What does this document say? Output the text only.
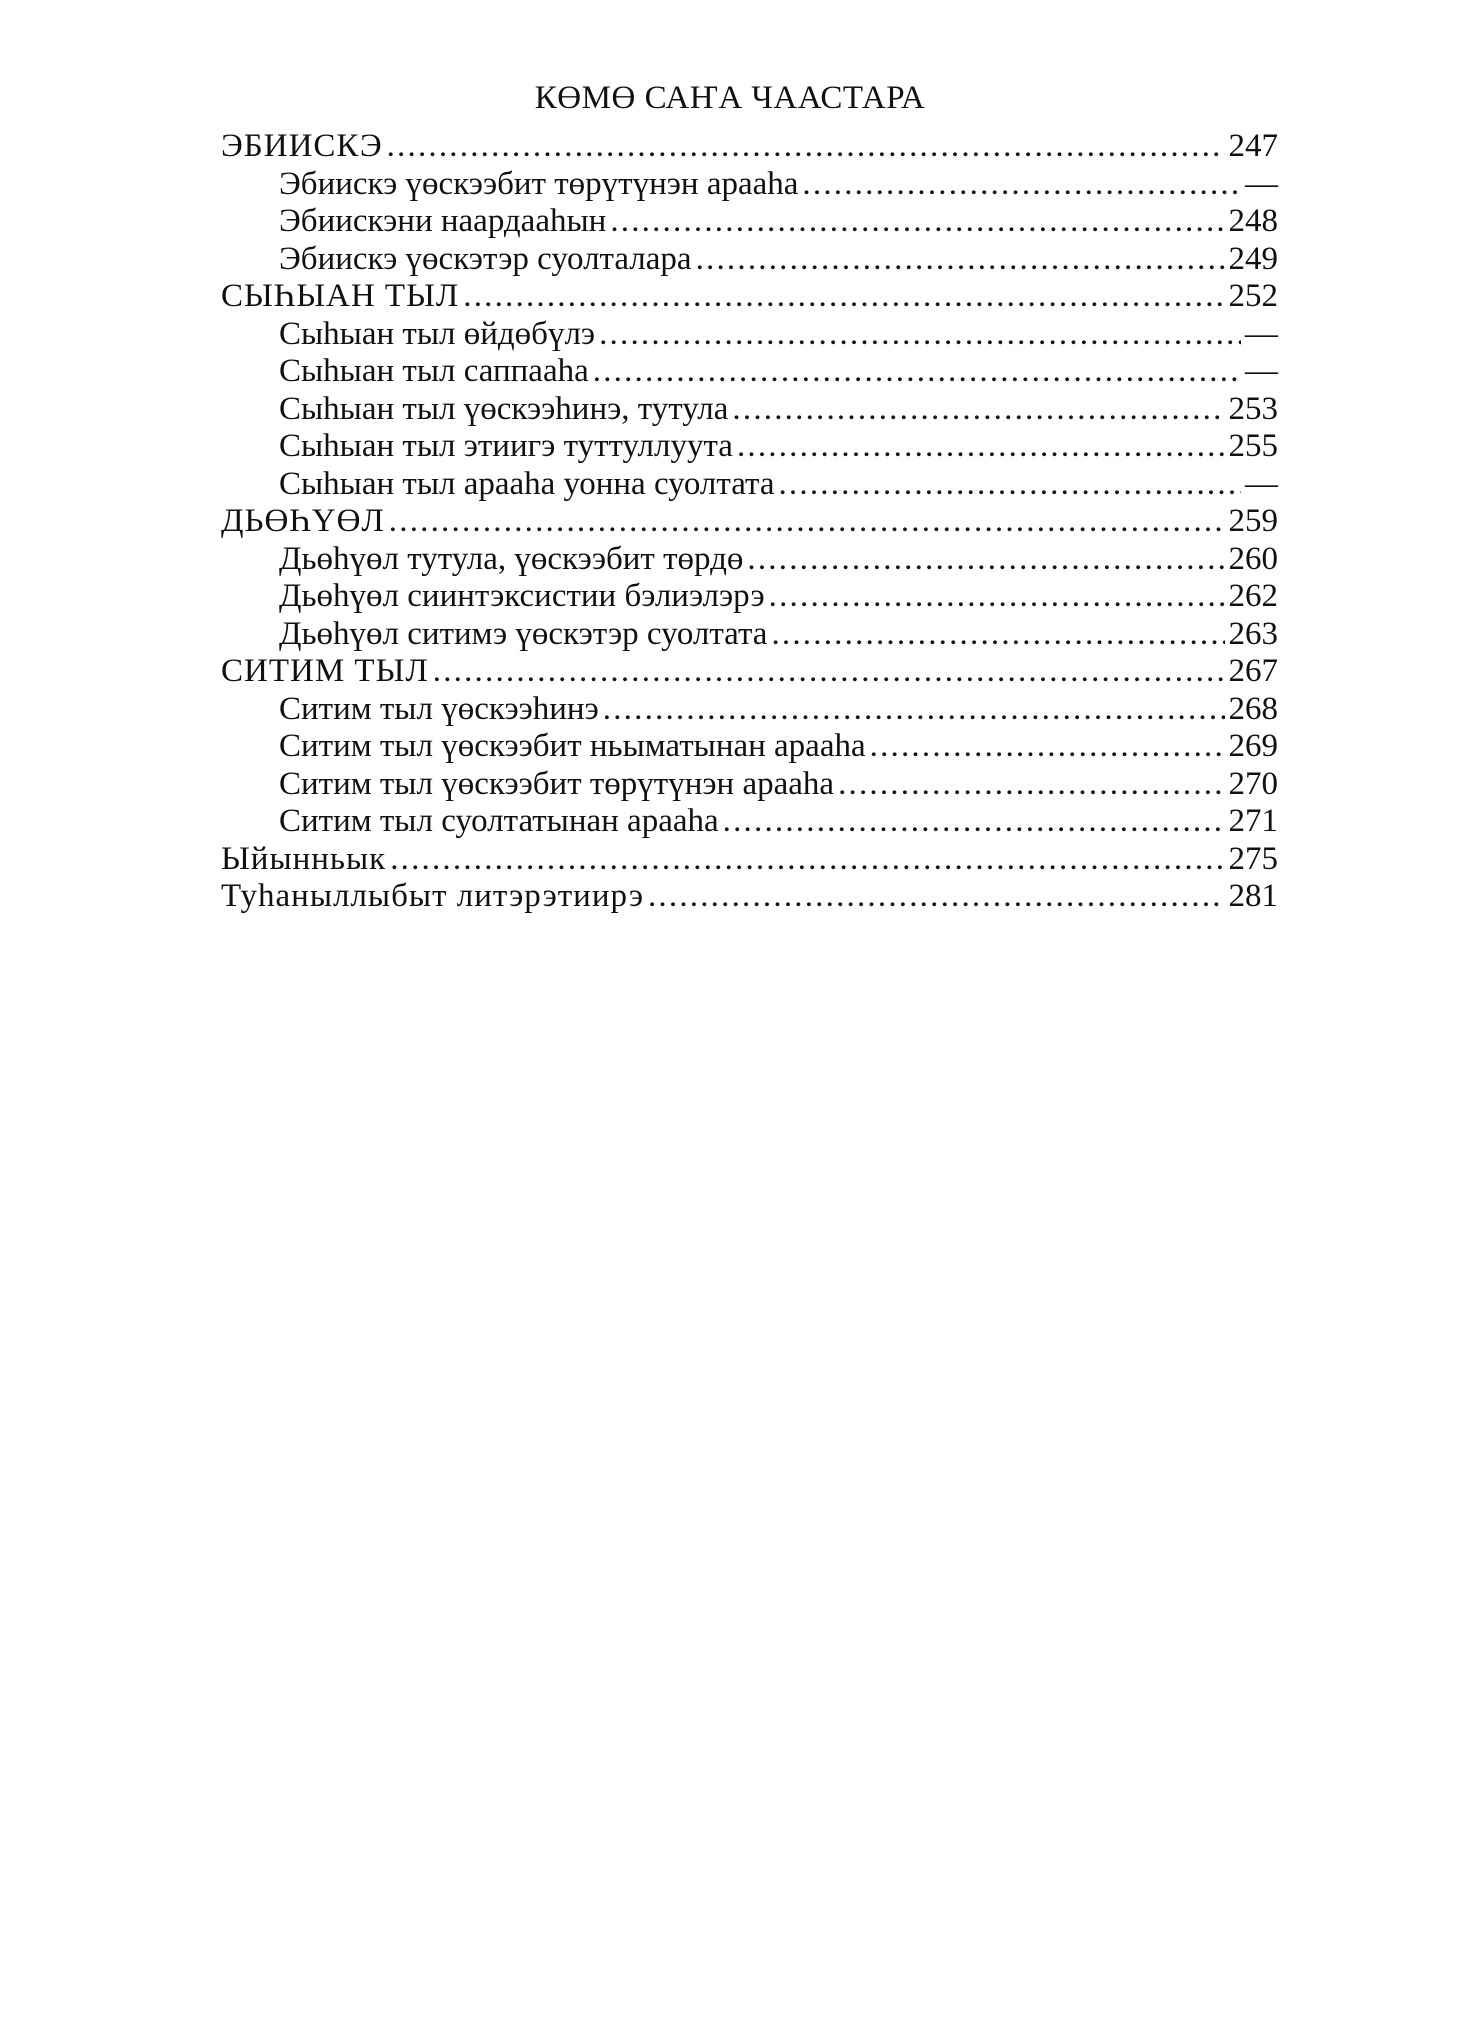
КӨМӨ САҤА ЧААСТАРА
ЭБИИСКЭ .....	247
Эбиискэ үөскээбит төрүтүнэн араaһа .....	—
Эбиискэни наардааһын .....	248
Эбиискэ үөскэтэр суолталара .....	249
СЫҺЫАН ТЫЛ .....	252
Сыһыан тыл өйдөбүлэ .....	—
Сыһыан тыл саппааһа .....	—
Сыһыан тыл үөскээһинэ, тутула .....	253
Сыһыан тыл этиигэ туттуллуута .....	255
Сыһыан тыл араaһа уонна суолтата .....	—
ДЬӨҺҮӨЛ .....	259
Дьөһүөл тутула, үөскээбит төрдө .....	260
Дьөһүөл сиинтэксистии бэлиэлэрэ .....	262
Дьөһүөл ситимэ үөскэтэр суолтата .....	263
СИТИМ ТЫЛ .....	267
Ситим тыл үөскээһинэ .....	268
Ситим тыл үөскээбит ньыматынан араaһа .....	269
Ситим тыл үөскээбит төрүтүнэн араaһа .....	270
Ситим тыл суолтатынан араaһа .....	271
Ыйынньык .....	275
Туһаныллыбыт литэрэтиирэ .....	281
